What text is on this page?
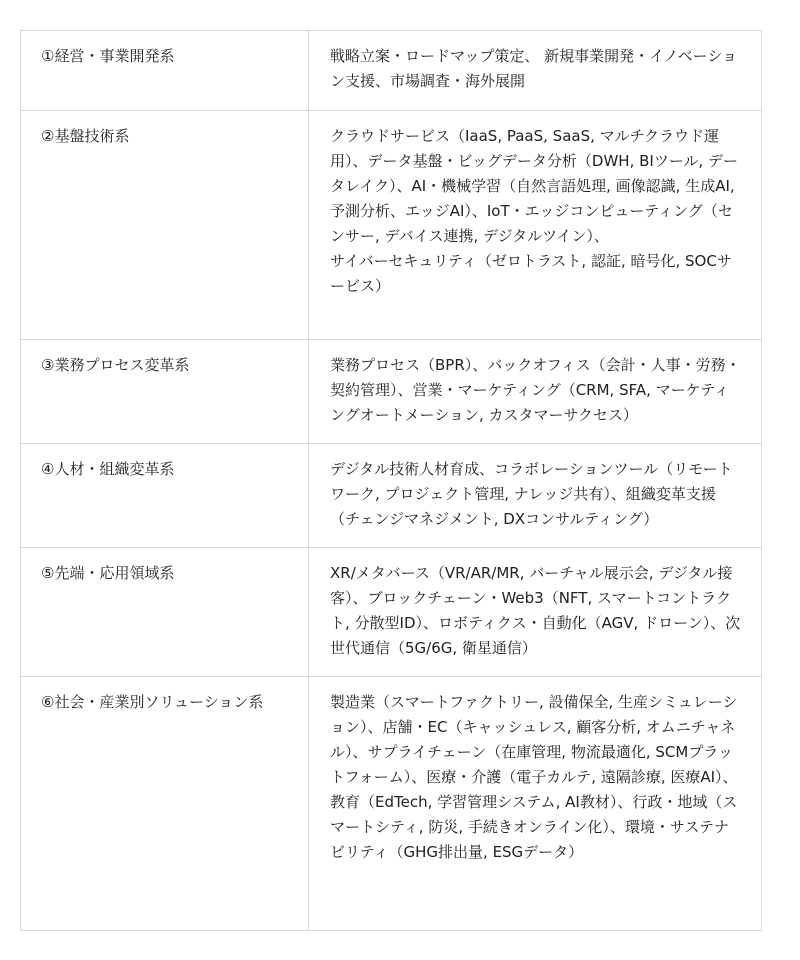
①経営・事業開発系	戦略立案・ロードマップ策定、 新規事業開発・イノベーション支援、市場調査・海外展開

②基盤技術系	クラウドサービス（IaaS, PaaS, SaaS, マルチクラウド運用）、データ基盤・ビッグデータ分析（DWH, BIツール, データレイク）、AI・機械学習（自然言語処理, 画像認識, 生成AI, 予測分析、エッジAI）、IoT・エッジコンピューティング（センサー, デバイス連携, デジタルツイン）、
サイバーセキュリティ（ゼロトラスト, 認証, 暗号化, SOCサービス）

③業務プロセス変革系	業務プロセス（BPR）、バックオフィス（会計・人事・労務・契約管理）、営業・マーケティング（CRM, SFA, マーケティングオートメーション, カスタマーサクセス）

④人材・組織変革系	デジタル技術人材育成、コラボレーションツール（リモートワーク, プロジェクト管理, ナレッジ共有）、組織変革支援（チェンジマネジメント, DXコンサルティング）

⑤先端・応用領域系	XR/メタバース（VR/AR/MR, バーチャル展示会, デジタル接客）、ブロックチェーン・Web3（NFT, スマートコントラクト, 分散型ID）、ロボティクス・自動化（AGV, ドローン）、次世代通信（5G/6G, 衛星通信）

⑥社会・産業別ソリューション系	製造業（スマートファクトリー, 設備保全, 生産シミュレーション）、店舗・EC（キャッシュレス, 顧客分析, オムニチャネル）、サプライチェーン（在庫管理, 物流最適化, SCMプラットフォーム）、医療・介護（電子カルテ, 遠隔診療, 医療AI）、教育（EdTech, 学習管理システム, AI教材）、行政・地域（スマートシティ, 防災, 手続きオンライン化）、環境・サステナビリティ（GHG排出量, ESGデータ）
